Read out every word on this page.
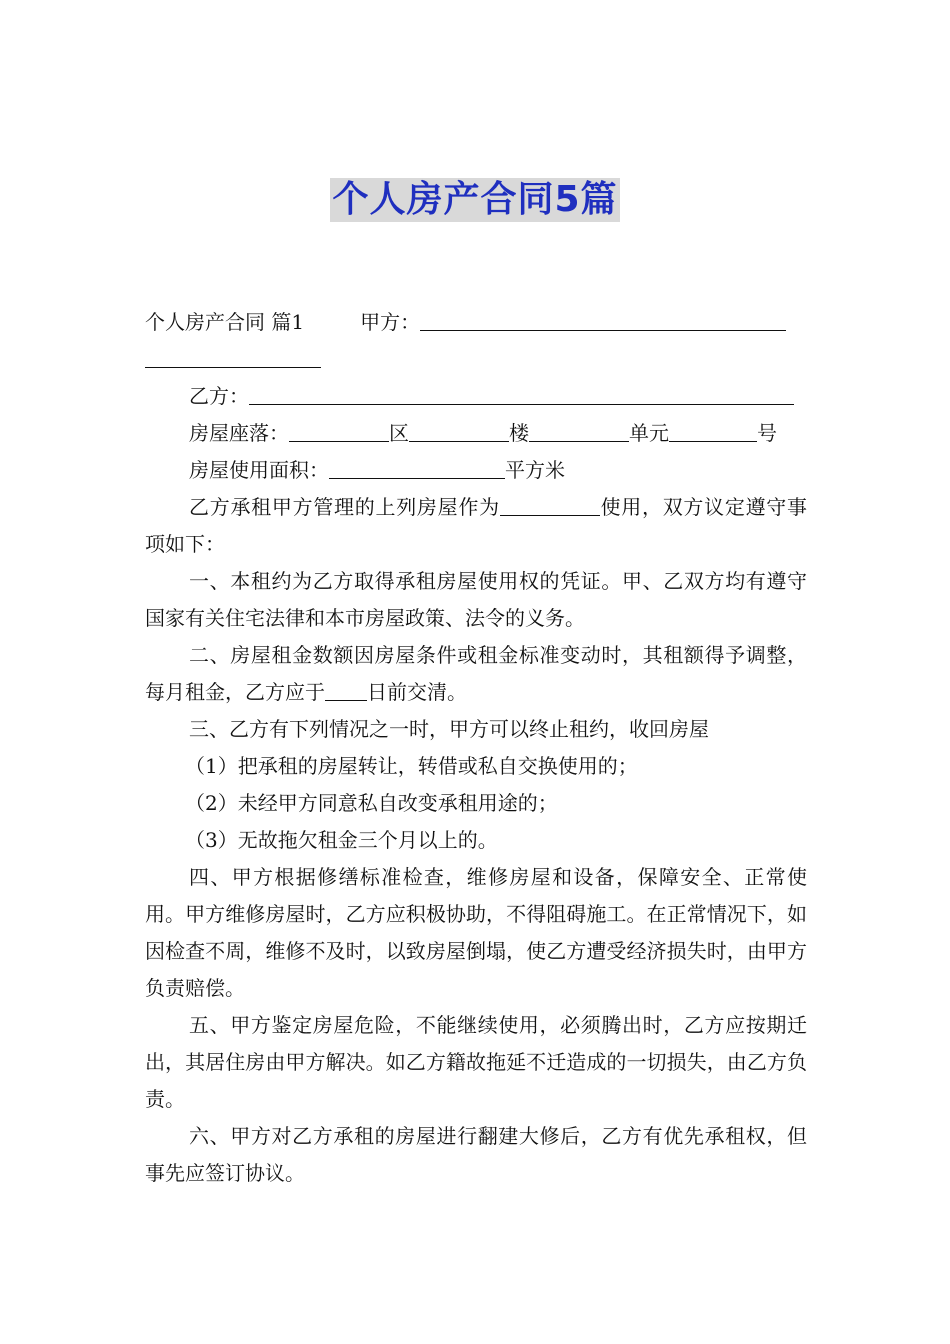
个人房产合同5篇
个人房产合同 篇1	甲方：
乙方：
房屋座落：	区	楼	单元	号
房屋使用面积：	平方米
乙方承租甲方管理的上列房屋作为	使用，双方议定遵守事项如下：
一、本租约为乙方取得承租房屋使用权的凭证。甲、乙双方均有遵守国家有关住宅法律和本市房屋政策、法令的义务。
二、房屋租金数额因房屋条件或租金标准变动时，其租额得予调整，每月租金，乙方应于 日前交清。
三、乙方有下列情况之一时，甲方可以终止租约，收回房屋
（1）把承租的房屋转让，转借或私自交换使用的；
（2）未经甲方同意私自改变承租用途的；
（3）无故拖欠租金三个月以上的。
四、甲方根据修缮标准检查，维修房屋和设备，保障安全、正常使用。甲方维修房屋时，乙方应积极协助，不得阻碍施工。在正常情况下，如因检查不周，维修不及时，以致房屋倒塌，使乙方遭受经济损失时，由甲方负责赔偿。
五、甲方鉴定房屋危险，不能继续使用，必须腾出时，乙方应按期迁出，其居住房由甲方解决。如乙方籍故拖延不迁造成的一切损失，由乙方负责。
六、甲方对乙方承租的房屋进行翻建大修后，乙方有优先承租权，但事先应签订协议。
